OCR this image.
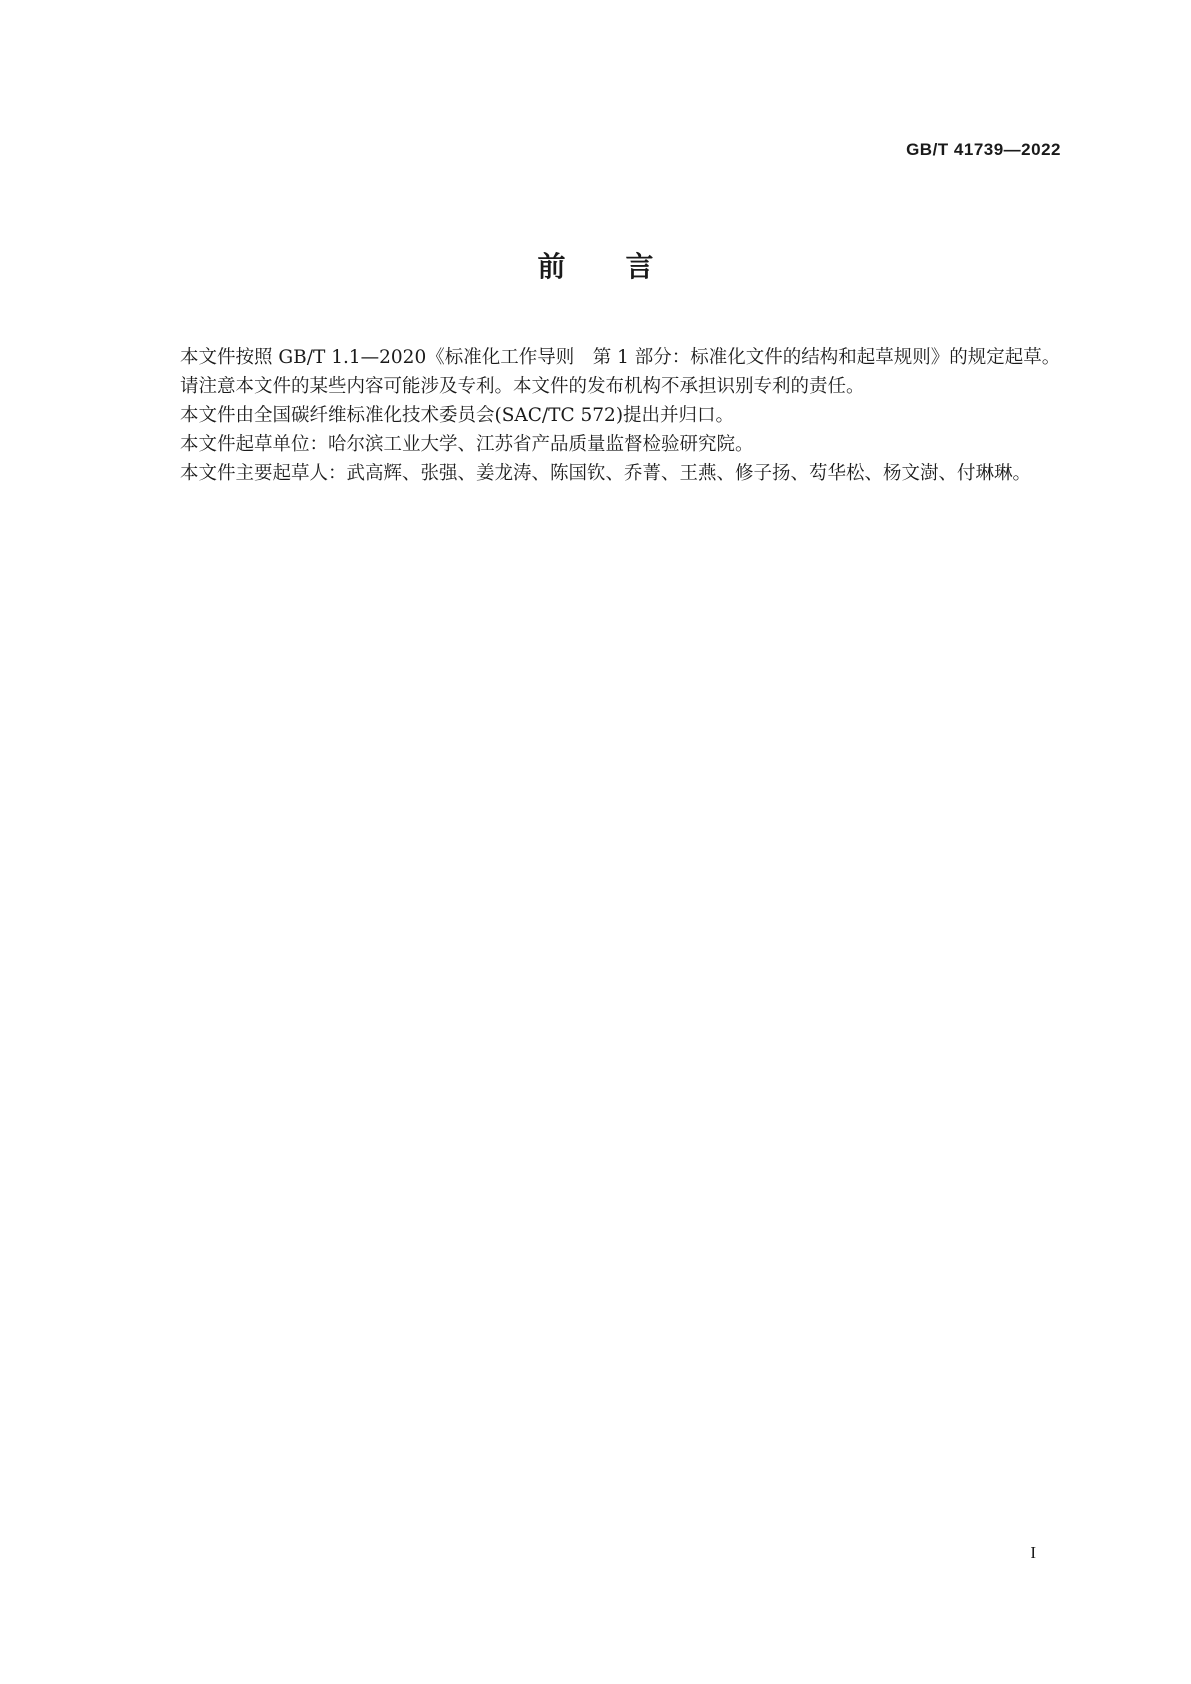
GB/T 41739—2022
前言

本文件按照 GB/T 1.1—2020《标准化工作导则　第 1 部分：标准化文件的结构和起草规则》的规定起草。

请注意本文件的某些内容可能涉及专利。本文件的发布机构不承担识别专利的责任。

本文件由全国碳纤维标准化技术委员会(SAC/TC 572)提出并归口。

本文件起草单位：哈尔滨工业大学、江苏省产品质量监督检验研究院。

本文件主要起草人：武高辉、张强、姜龙涛、陈国钦、乔菁、王燕、修子扬、芶华松、杨文澍、付琳琳。

I
